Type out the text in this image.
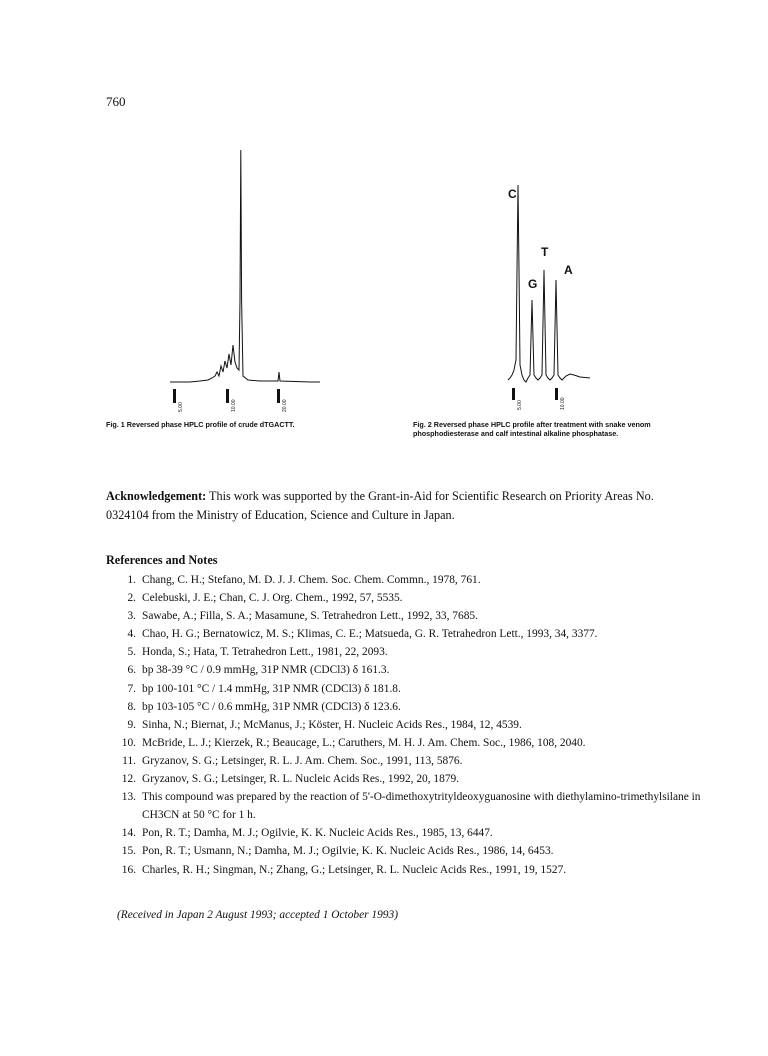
760
5.00	10.00	20.00
Fig. 1 Reversed phase HPLC profile of crude dTGACTT.
C
T
G
A
5.00	10.00
Fig. 2 Reversed phase HPLC profile after treatment with snake venom phosphodiesterase and calf intestinal alkaline phosphatase.
Acknowledgement: This work was supported by the Grant-in-Aid for Scientific Research on Priority Areas No. 0324104 from the Ministry of Education, Science and Culture in Japan.
References and Notes
1. Chang, C. H.; Stefano, M. D. J. J. Chem. Soc. Chem. Commn., 1978, 761.
2. Celebuski, J. E.; Chan, C. J. Org. Chem., 1992, 57, 5535.
3. Sawabe, A.; Filla, S. A.; Masamune, S. Tetrahedron Lett., 1992, 33, 7685.
4. Chao, H. G.; Bernatowicz, M. S.; Klimas, C. E.; Matsueda, G. R. Tetrahedron Lett., 1993, 34, 3377.
5. Honda, S.; Hata, T. Tetrahedron Lett., 1981, 22, 2093.
6. bp 38-39 °C / 0.9 mmHg, 31P NMR (CDCl3) δ 161.3.
7. bp 100-101 °C / 1.4 mmHg, 31P NMR (CDCl3) δ 181.8.
8. bp 103-105 °C / 0.6 mmHg, 31P NMR (CDCl3) δ 123.6.
9. Sinha, N.; Biernat, J.; McManus, J.; Köster, H. Nucleic Acids Res., 1984, 12, 4539.
10. McBride, L. J.; Kierzek, R.; Beaucage, L.; Caruthers, M. H. J. Am. Chem. Soc., 1986, 108, 2040.
11. Gryzanov, S. G.; Letsinger, R. L. J. Am. Chem. Soc., 1991, 113, 5876.
12. Gryzanov, S. G.; Letsinger, R. L. Nucleic Acids Res., 1992, 20, 1879.
13. This compound was prepared by the reaction of 5'-O-dimethoxytrityldeoxyguanosine with diethylamino-trimethylsilane in CH3CN at 50 °C for 1 h.
14. Pon, R. T.; Damha, M. J.; Ogilvie, K. K. Nucleic Acids Res., 1985, 13, 6447.
15. Pon, R. T.; Usmann, N.; Damha, M. J.; Ogilvie, K. K. Nucleic Acids Res., 1986, 14, 6453.
16. Charles, R. H.; Singman, N.; Zhang, G.; Letsinger, R. L. Nucleic Acids Res., 1991, 19, 1527.
(Received in Japan 2 August 1993; accepted 1 October 1993)
